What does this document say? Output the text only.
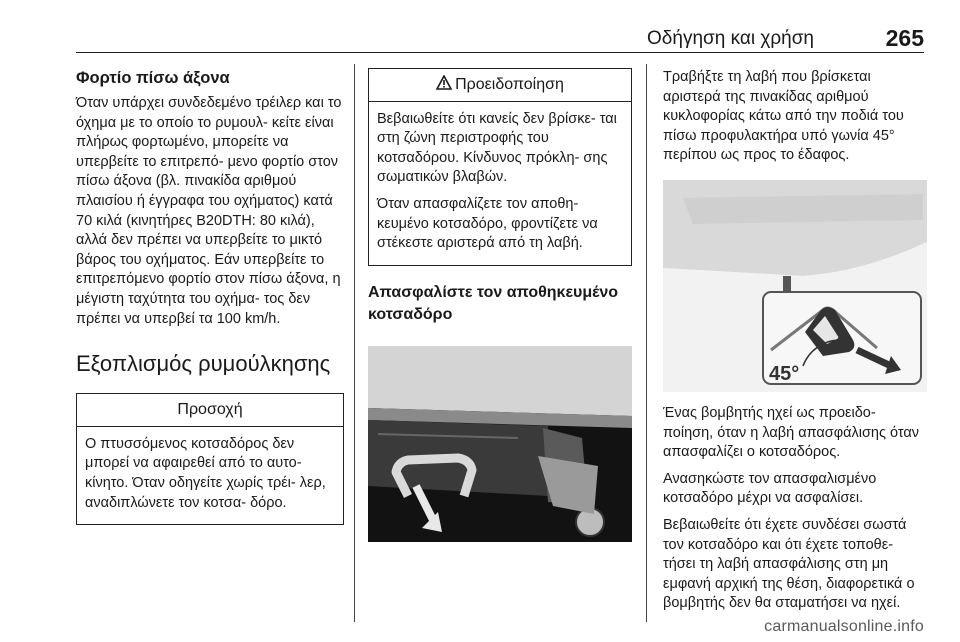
Οδήγηση και χρήση	265
Φορτίο πίσω άξονα

Όταν υπάρχει συνδεδεμένο τρέιλερ και το όχημα με το οποίο το ρυμουλ- κείτε είναι πλήρως φορτωμένο, μπορείτε να υπερβείτε το επιτρεπό- μενο φορτίο στον πίσω άξονα (βλ. πινακίδα αριθμού πλαισίου ή έγγραφα του οχήματος) κατά 70 κιλά (κινητήρες B20DTH: 80 κιλά), αλλά δεν πρέπει να υπερβείτε το μικτό βάρος του οχήματος. Εάν υπερβείτε το επιτρεπόμενο φορτίο στον πίσω άξονα, η μέγιστη ταχύτητα του οχήμα- τος δεν πρέπει να υπερβεί τα 100 km/h.

Εξοπλισμός ρυμούλκησης
Προσοχή

Ο πτυσσόμενος κοτσαδόρος δεν μπορεί να αφαιρεθεί από το αυτο- κίνητο. Όταν οδηγείτε χωρίς τρέι- λερ, αναδιπλώνετε τον κοτσα- δόρο.

Προειδοποίηση

Βεβαιωθείτε ότι κανείς δεν βρίσκε- ται στη ζώνη περιστροφής του κοτσαδόρου. Κίνδυνος πρόκλη- σης σωματικών βλαβών.

Όταν απασφαλίζετε τον αποθη- κευμένο κοτσαδόρο, φροντίζετε να στέκεστε αριστερά από τη λαβή.

Απασφαλίστε τον αποθηκευμένο κοτσαδόρο

Τραβήξτε τη λαβή που βρίσκεται αριστερά της πινακίδας αριθμού κυκλοφορίας κάτω από την ποδιά του πίσω προφυλακτήρα υπό γωνία 45° περίπου ως προς το έδαφος.

45°

Ένας βομβητής ηχεί ως προειδο- ποίηση, όταν η λαβή απασφάλισης όταν απασφαλίζει ο κοτσαδόρος.

Ανασηκώστε τον απασφαλισμένο κοτσαδόρο μέχρι να ασφαλίσει.

Βεβαιωθείτε ότι έχετε συνδέσει σωστά τον κοτσαδόρο και ότι έχετε τοποθε- τήσει τη λαβή απασφάλισης στη μη εμφανή αρχική της θέση, διαφορετικά ο βομβητής δεν θα σταματήσει να ηχεί.

carmanualsonline.info
